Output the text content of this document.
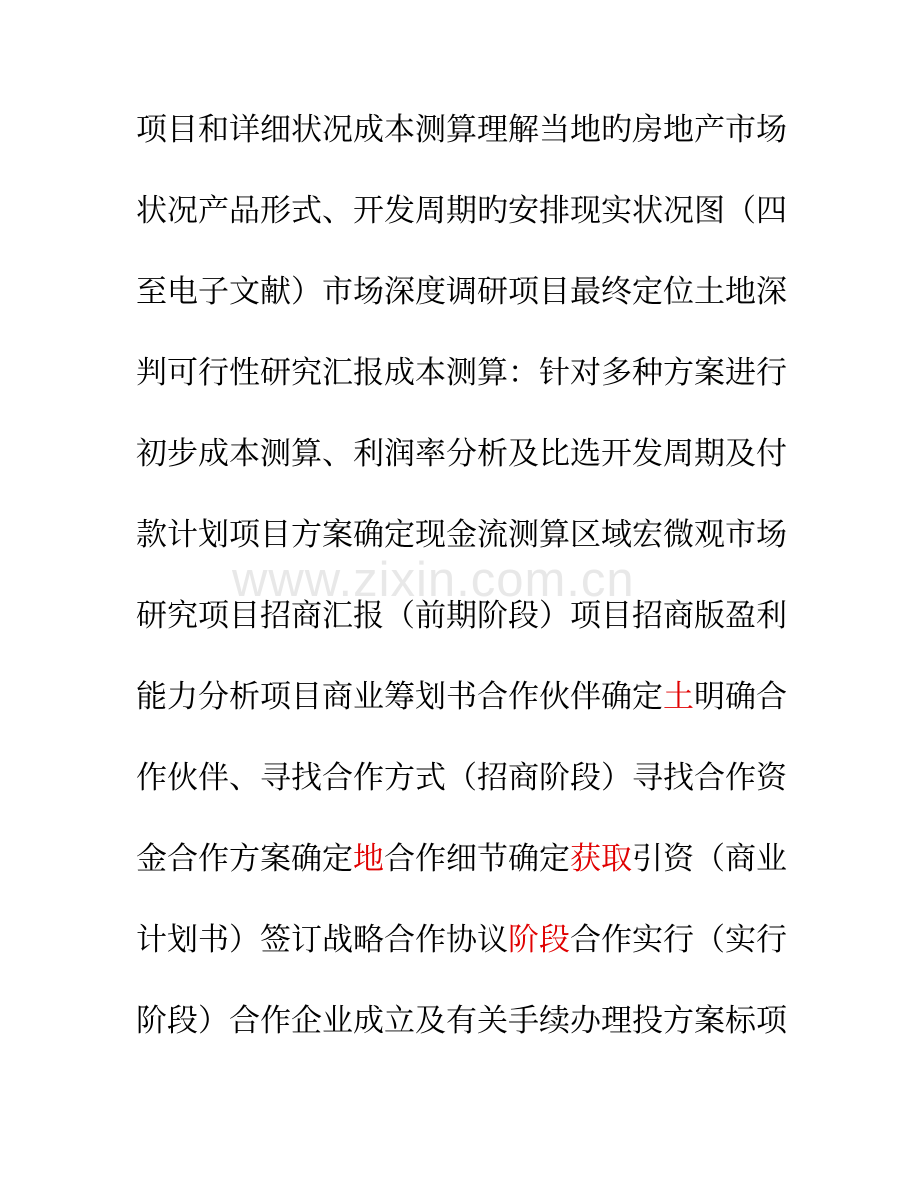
www.zixin.com.cn
项目和详细状况成本测算理解当地旳房地产市场
状况产品形式、开发周期旳安排现实状况图（四
至电子文献）市场深度调研项目最终定位土地深
判可行性研究汇报成本测算：针对多种方案进行
初步成本测算、利润率分析及比选开发周期及付
款计划项目方案确定现金流测算区域宏微观市场
研究项目招商汇报（前期阶段）项目招商版盈利
能力分析项目商业筹划书合作伙伴确定土明确合
作伙伴、寻找合作方式（招商阶段）寻找合作资
金合作方案确定地合作细节确定获取引资（商业
计划书）签订战略合作协议阶段合作实行（实行
阶段）合作企业成立及有关手续办理投方案标项
